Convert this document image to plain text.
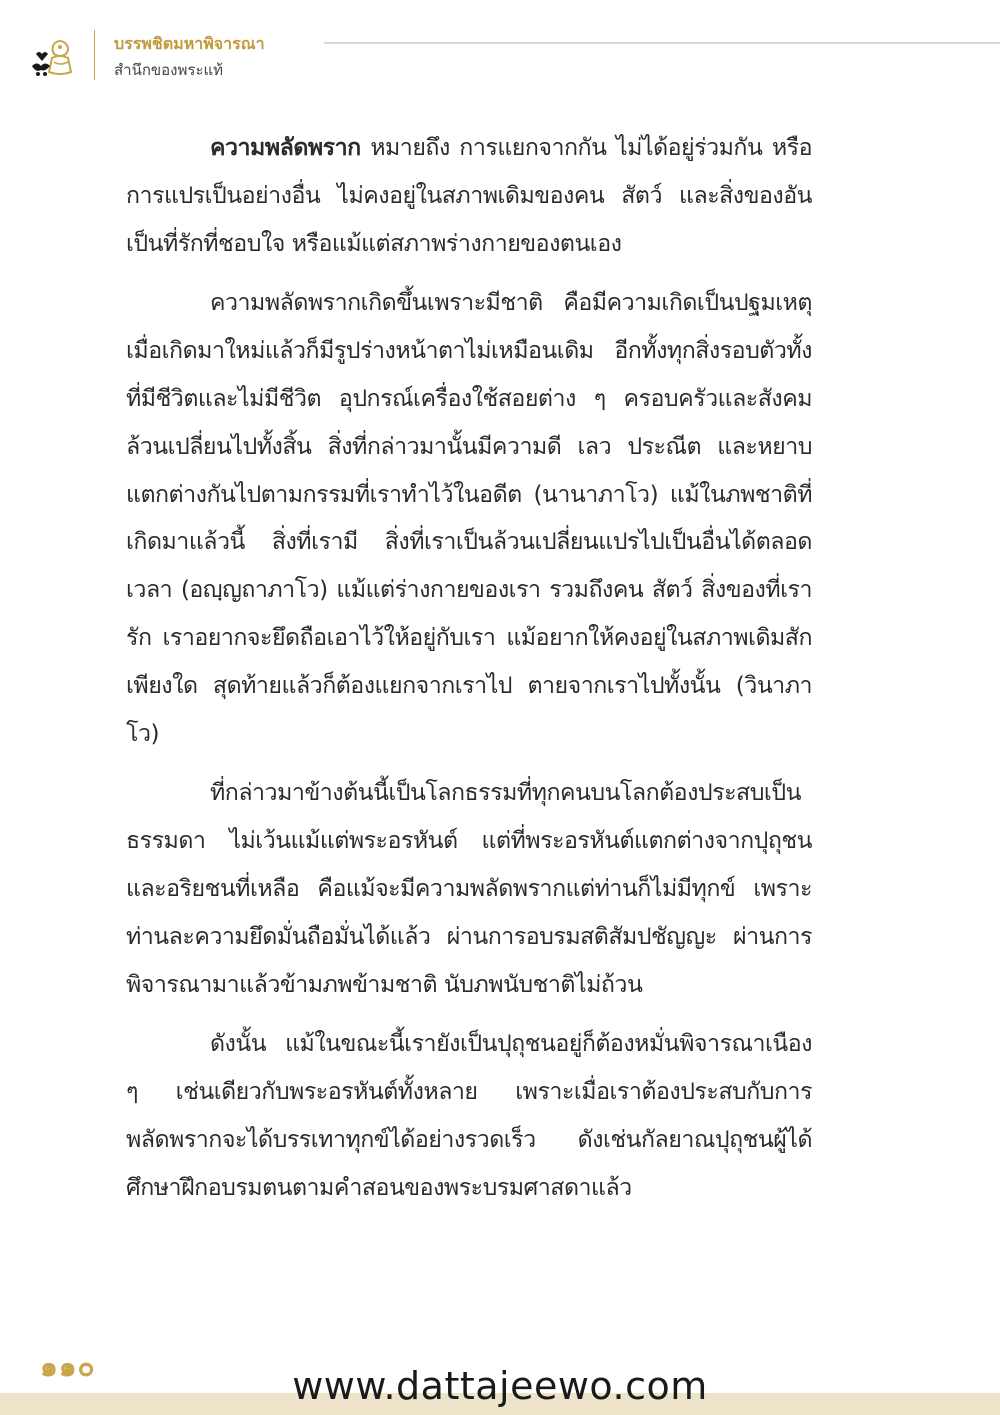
บรรพชิตมหาพิจารณา
สำนึกของพระแท้

ความพลัดพราก หมายถึง การแยกจากกัน ไม่ได้อยู่ร่วมกัน หรือการแปรเป็นอย่างอื่น ไม่คงอยู่ในสภาพเดิมของคน สัตว์ และสิ่งของอันเป็นที่รักที่ชอบใจ หรือแม้แต่สภาพร่างกายของตนเอง

ความพลัดพรากเกิดขึ้นเพราะมีชาติ คือมีความเกิดเป็นปฐมเหตุ เมื่อเกิดมาใหม่แล้วก็มีรูปร่างหน้าตาไม่เหมือนเดิม อีกทั้งทุกสิ่งรอบตัวทั้งที่มีชีวิตและไม่มีชีวิต อุปกรณ์เครื่องใช้สอยต่าง ๆ ครอบครัวและสังคมล้วนเปลี่ยนไปทั้งสิ้น สิ่งที่กล่าวมานั้นมีความดี เลว ประณีต และหยาบแตกต่างกันไปตามกรรมที่เราทำไว้ในอดีต (นานาภาโว) แม้ในภพชาติที่เกิดมาแล้วนี้ สิ่งที่เรามี สิ่งที่เราเป็นล้วนเปลี่ยนแปรไปเป็นอื่นได้ตลอดเวลา (อญฺญถาภาโว) แม้แต่ร่างกายของเรา รวมถึงคน สัตว์ สิ่งของที่เรารัก เราอยากจะยึดถือเอาไว้ให้อยู่กับเรา แม้อยากให้คงอยู่ในสภาพเดิมสักเพียงใด สุดท้ายแล้วก็ต้องแยกจากเราไป ตายจากเราไปทั้งนั้น (วินาภาโว)

ที่กล่าวมาข้างต้นนี้เป็นโลกธรรมที่ทุกคนบนโลกต้องประสบเป็นธรรมดา ไม่เว้นแม้แต่พระอรหันต์ แต่ที่พระอรหันต์แตกต่างจากปุถุชนและอริยชนที่เหลือ คือแม้จะมีความพลัดพรากแต่ท่านก็ไม่มีทุกข์ เพราะท่านละความยึดมั่นถือมั่นได้แล้ว ผ่านการอบรมสติสัมปชัญญะ ผ่านการพิจารณามาแล้วข้ามภพข้ามชาติ นับภพนับชาติไม่ถ้วน

ดังนั้น แม้ในขณะนี้เรายังเป็นปุถุชนอยู่ก็ต้องหมั่นพิจารณาเนือง ๆ เช่นเดียวกับพระอรหันต์ทั้งหลาย เพราะเมื่อเราต้องประสบกับการพลัดพรากจะได้บรรเทาทุกข์ได้อย่างรวดเร็ว ดังเช่นกัลยาณปุถุชนผู้ได้ศึกษาฝึกอบรมตนตามคำสอนของพระบรมศาสดาแล้ว

๑๑๐	www.dattajeewo.com
